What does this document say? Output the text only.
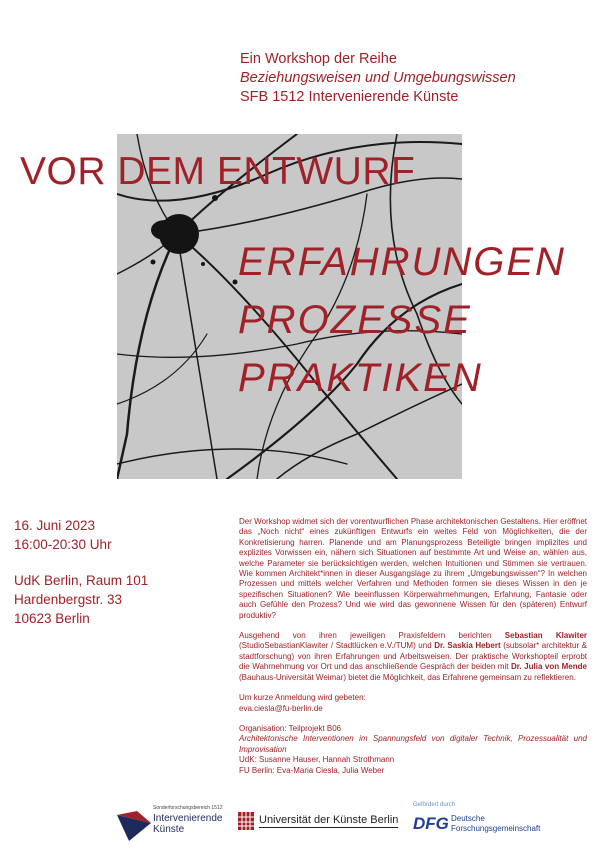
Ein Workshop der Reihe
Beziehungsweisen und Umgebungswissen
SFB 1512 Intervenierende Künste
VOR DEM ENTWURF
ERFAHRUNGEN
PROZESSE
PRAKTIKEN
16. Juni 2023
16:00-20:30 Uhr
UdK Berlin, Raum 101
Hardenbergstr. 33
10623 Berlin

Der Workshop widmet sich der vorentwurflichen Phase architektonischen Gestaltens. Hier eröffnet das „Noch nicht“ eines zukünftigen Entwurfs ein weites Feld von Möglichkeiten, die der Konkretisierung harren. Planende und am Planungsprozess Beteiligte bringen implizites und explizites Vorwissen ein, nähern sich Situationen auf bestimmte Art und Weise an, wählen aus, welche Parameter sie berücksichtigen werden, welchen Intuitionen und Stimmen sie vertrauen. Wie kommen Architekt*innen in dieser Ausgangslage zu ihrem „Umgebungswissen“? In welchen Prozessen und mittels welcher Verfahren und Methoden formen sie dieses Wissen in den je spezifischen Situationen? Wie beeinflussen Körperwahrnehmungen, Erfahrung, Fantasie oder auch Gefühle den Prozess? Und wie wird das gewonnene Wissen für den (späteren) Entwurf produktiv?

Ausgehend von ihren jeweiligen Praxisfeldern berichten Sebastian Klawiter (StudioSebastianKlawiter / Stadtlücken e.V./TUM) und Dr. Saskia Hebert (subsolar* architektur & stadtforschung) von ihren Erfahrungen und Arbeitsweisen. Der praktische Workshopteil erprobt die Wahrnehmung vor Ort und das anschließende Gespräch der beiden mit Dr. Julia von Mende (Bauhaus-Universität Weimar) bietet die Möglichkeit, das Erfahrene gemeinsam zu reflektieren.

Um kurze Anmeldung wird gebeten:
eva.ciesla@fu-berlin.de

Organisation: Teilprojekt B06

Architektonische Interventionen im Spannungsfeld von digitaler Technik, Prozessualität und Improvisation

UdK: Susanne Hauser, Hannah Strothmann

FU Berlin: Eva-Maria Ciesla, Julia Weber

Sonderforschungsbereich 1512
Intervenierende
Künste
Universität der Künste Berlin
Gefördert durch
DFG Deutsche
Forschungsgemeinschaft
